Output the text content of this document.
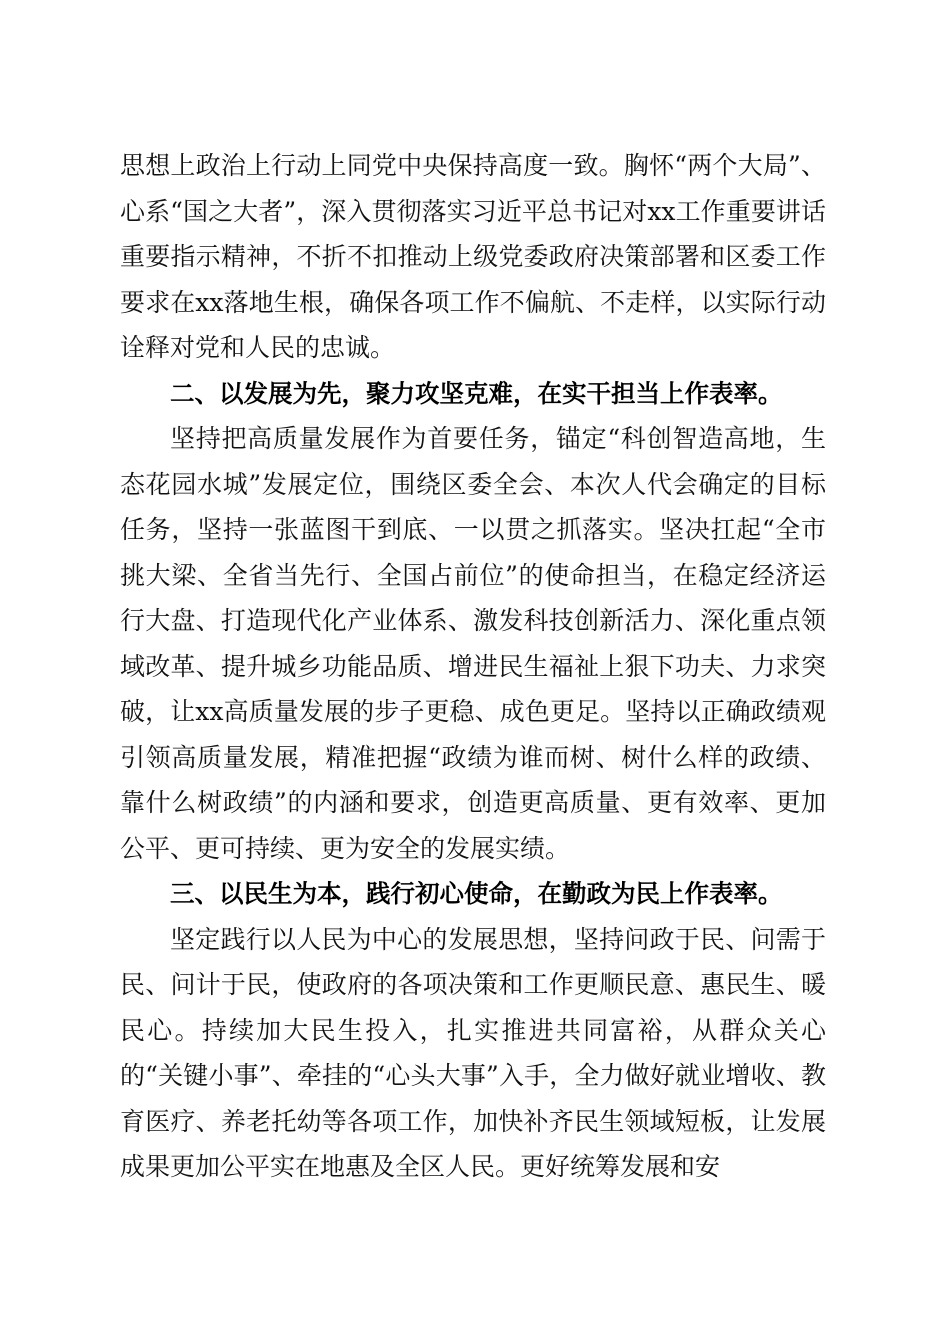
思想上政治上行动上同党中央保持高度一致。胸怀“两个大局”、心系“国之大者”，深入贯彻落实习近平总书记对xx工作重要讲话重要指示精神，不折不扣推动上级党委政府决策部署和区委工作要求在xx落地生根，确保各项工作不偏航、不走样，以实际行动诠释对党和人民的忠诚。

二、以发展为先，聚力攻坚克难，在实干担当上作表率。

坚持把高质量发展作为首要任务，锚定“科创智造高地，生态花园水城”发展定位，围绕区委全会、本次人代会确定的目标任务，坚持一张蓝图干到底、一以贯之抓落实。坚决扛起“全市挑大梁、全省当先行、全国占前位”的使命担当，在稳定经济运行大盘、打造现代化产业体系、激发科技创新活力、深化重点领域改革、提升城乡功能品质、增进民生福祉上狠下功夫、力求突破，让xx高质量发展的步子更稳、成色更足。坚持以正确政绩观引领高质量发展，精准把握“政绩为谁而树、树什么样的政绩、靠什么树政绩”的内涵和要求，创造更高质量、更有效率、更加公平、更可持续、更为安全的发展实绩。

三、以民生为本，践行初心使命，在勤政为民上作表率。

坚定践行以人民为中心的发展思想，坚持问政于民、问需于民、问计于民，使政府的各项决策和工作更顺民意、惠民生、暖民心。持续加大民生投入，扎实推进共同富裕，从群众关心的“关键小事”、牵挂的“心头大事”入手，全力做好就业增收、教育医疗、养老托幼等各项工作，加快补齐民生领域短板，让发展成果更加公平实在地惠及全区人民。更好统筹发展和安
